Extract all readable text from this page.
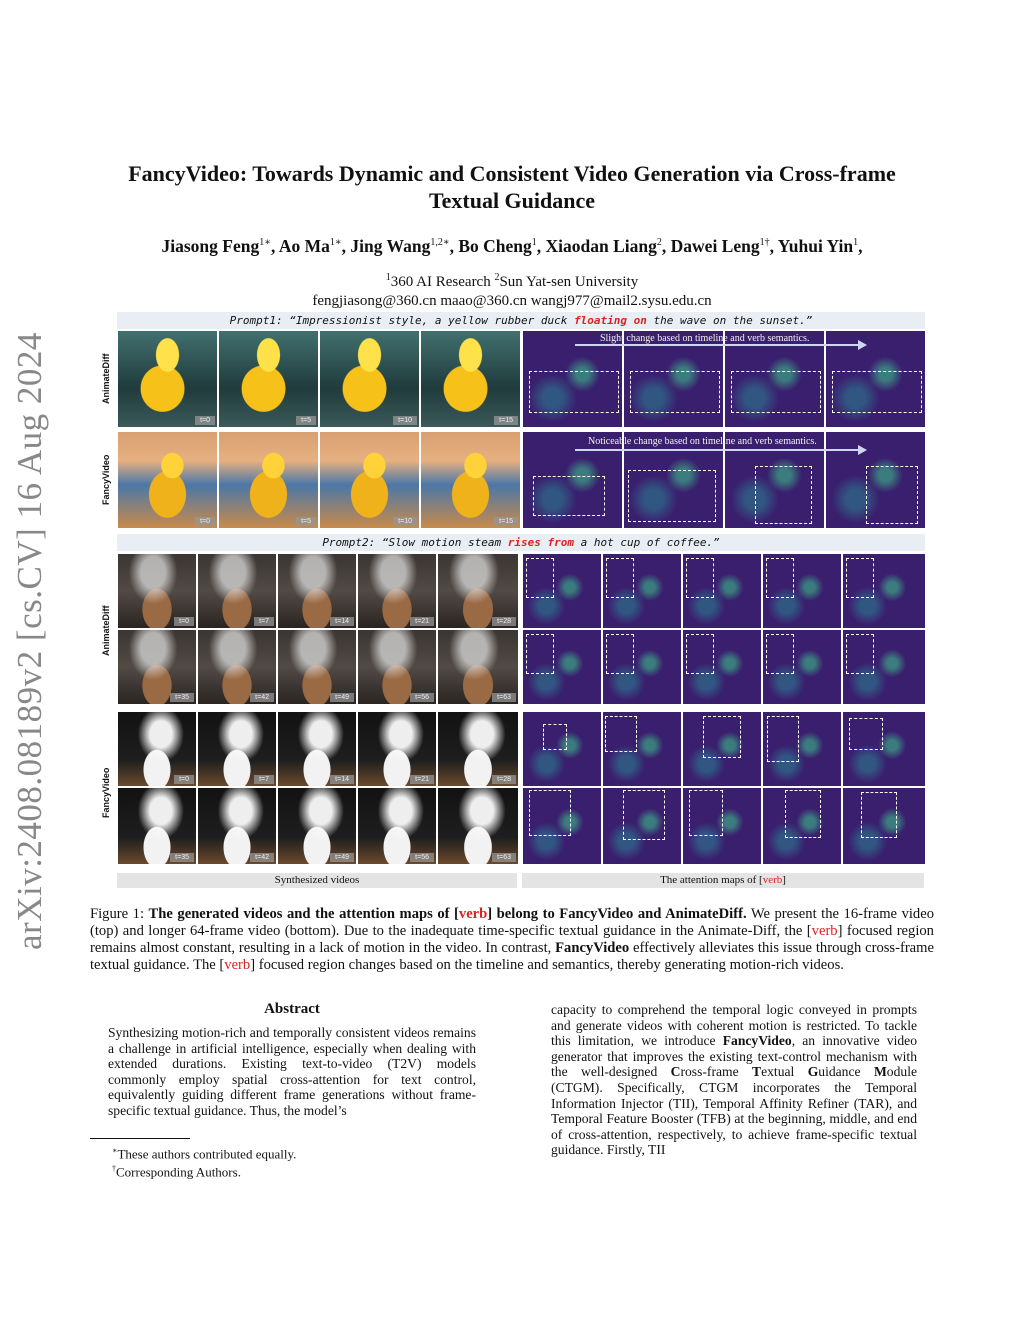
arXiv:2408.08189v2 [cs.CV] 16 Aug 2024
FancyVideo: Towards Dynamic and Consistent Video Generation via Cross-frame
Textual Guidance
Jiasong Feng$^{1∗}$, Ao $Ma^{1∗}$, Jing Wang$^{1,2∗}$, Bo Cheng$^1$, Xiaodan Liang$^2$, Dawei Leng$^{1\dagger}$, Yuhui Yin$^1$,
$^1$360 AI Research $^2$Sun Yat-sen University
fengjiasong@360.cn maao@360.cn wangj977@mail2.sysu.edu.cn
Prompt1: “Impressionist style, a yellow rubber duck floating on the wave on the sunset.”
AnimateDiff
FancyVideo
AnimateDiff
FancyVideo
t=0	t=5	t=10	t=15
Slight change based on timeline and verb semantics.
t=0	t=5	t=10	t=15
Noticeable change based on timeline and verb semantics.
Prompt2: “Slow motion steam rises from a hot cup of coffee.”
t=0	t=7	t=14	t=21	t=28
t=35	t=42	t=49	t=56	t=63
t=0	t=7	t=14	t=21	t=28
t=35	t=42	t=49	t=56	t=63
Synthesized videos	The attention maps of [verb]
Figure 1: The generated videos and the attention maps of [verb] belong to FancyVideo and AnimateDiff. We present the 16-frame video (top) and longer 64-frame video (bottom). Due to the inadequate time-specific textual guidance in the Animate-Diff, the [verb] focused region remains almost constant, resulting in a lack of motion in the video. In contrast, FancyVideo effectively alleviates this issue through cross-frame textual guidance. The [verb] focused region changes based on the timeline and semantics, thereby generating motion-rich videos.
Abstract
Synthesizing motion-rich and temporally consistent videos remains a challenge in artificial intelligence, especially when dealing with extended durations. Existing text-to-video (T2V) models commonly employ spatial cross-attention for text control, equivalently guiding different frame generations without frame-specific textual guidance. Thus, the model’s
capacity to comprehend the temporal logic conveyed in prompts and generate videos with coherent motion is restricted. To tackle this limitation, we introduce FancyVideo, an innovative video generator that improves the existing text-control mechanism with the well-designed Cross-frame Textual Guidance Module (CTGM). Specifically, CTGM incorporates the Temporal Information Injector (TII), Temporal Affinity Refiner (TAR), and Temporal Feature Booster (TFB) at the beginning, middle, and end of cross-attention, respectively, to achieve frame-specific textual guidance. Firstly, TII
∗These authors contributed equally.
†Corresponding Authors.
